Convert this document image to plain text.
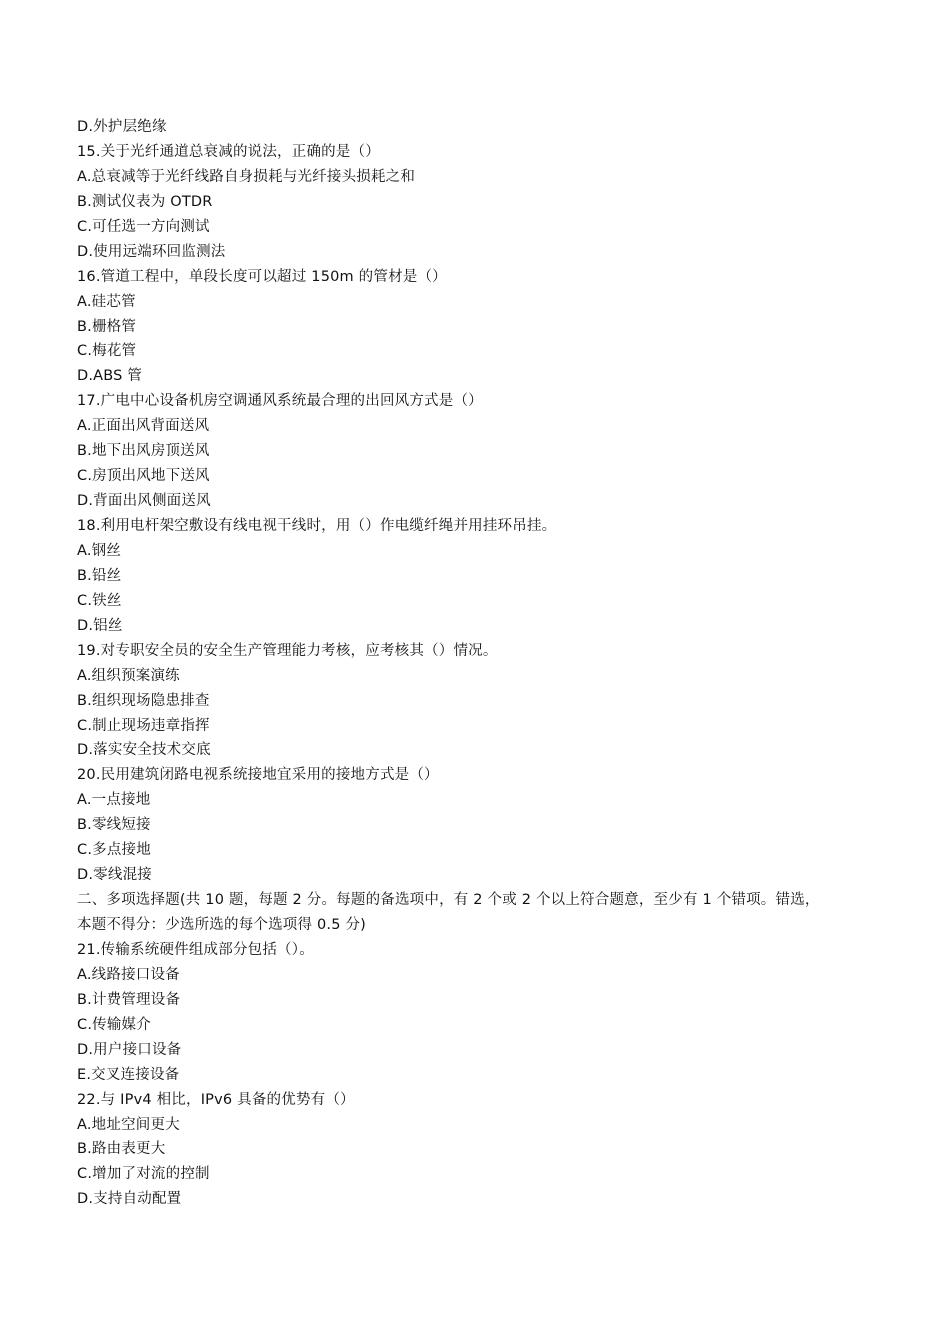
D.外护层绝缘
15.关于光纤通道总衰减的说法，正确的是（）
A.总衰减等于光纤线路自身损耗与光纤接头损耗之和
B.测试仪表为 OTDR
C.可任选一方向测试
D.使用远端环回监测法
16.管道工程中，单段长度可以超过 150m 的管材是（）
A.硅芯管
B.栅格管
C.梅花管
D.ABS 管
17.广电中心设备机房空调通风系统最合理的出回风方式是（）
A.正面出风背面送风
B.地下出风房顶送风
C.房顶出风地下送风
D.背面出风侧面送风
18.利用电杆架空敷设有线电视干线时，用（）作电缆纤绳并用挂环吊挂。
A.钢丝
B.铅丝
C.铁丝
D.铝丝
19.对专职安全员的安全生产管理能力考核，应考核其（）情况。
A.组织预案演练
B.组织现场隐患排查
C.制止现场违章指挥
D.落实安全技术交底
20.民用建筑闭路电视系统接地宜采用的接地方式是（）
A.一点接地
B.零线短接
C.多点接地
D.零线混接
二、多项选择题(共 10 题，每题 2 分。每题的备选项中，有 2 个或 2 个以上符合题意，至少有 1 个错项。错选，
本题不得分：少选所选的每个选项得 0.5 分)
21.传输系统硬件组成部分包括（）。
A.线路接口设备
B.计费管理设备
C.传输媒介
D.用户接口设备
E.交叉连接设备
22.与 IPv4 相比，IPv6 具备的优势有（）
A.地址空间更大
B.路由表更大
C.增加了对流的控制
D.支持自动配置
